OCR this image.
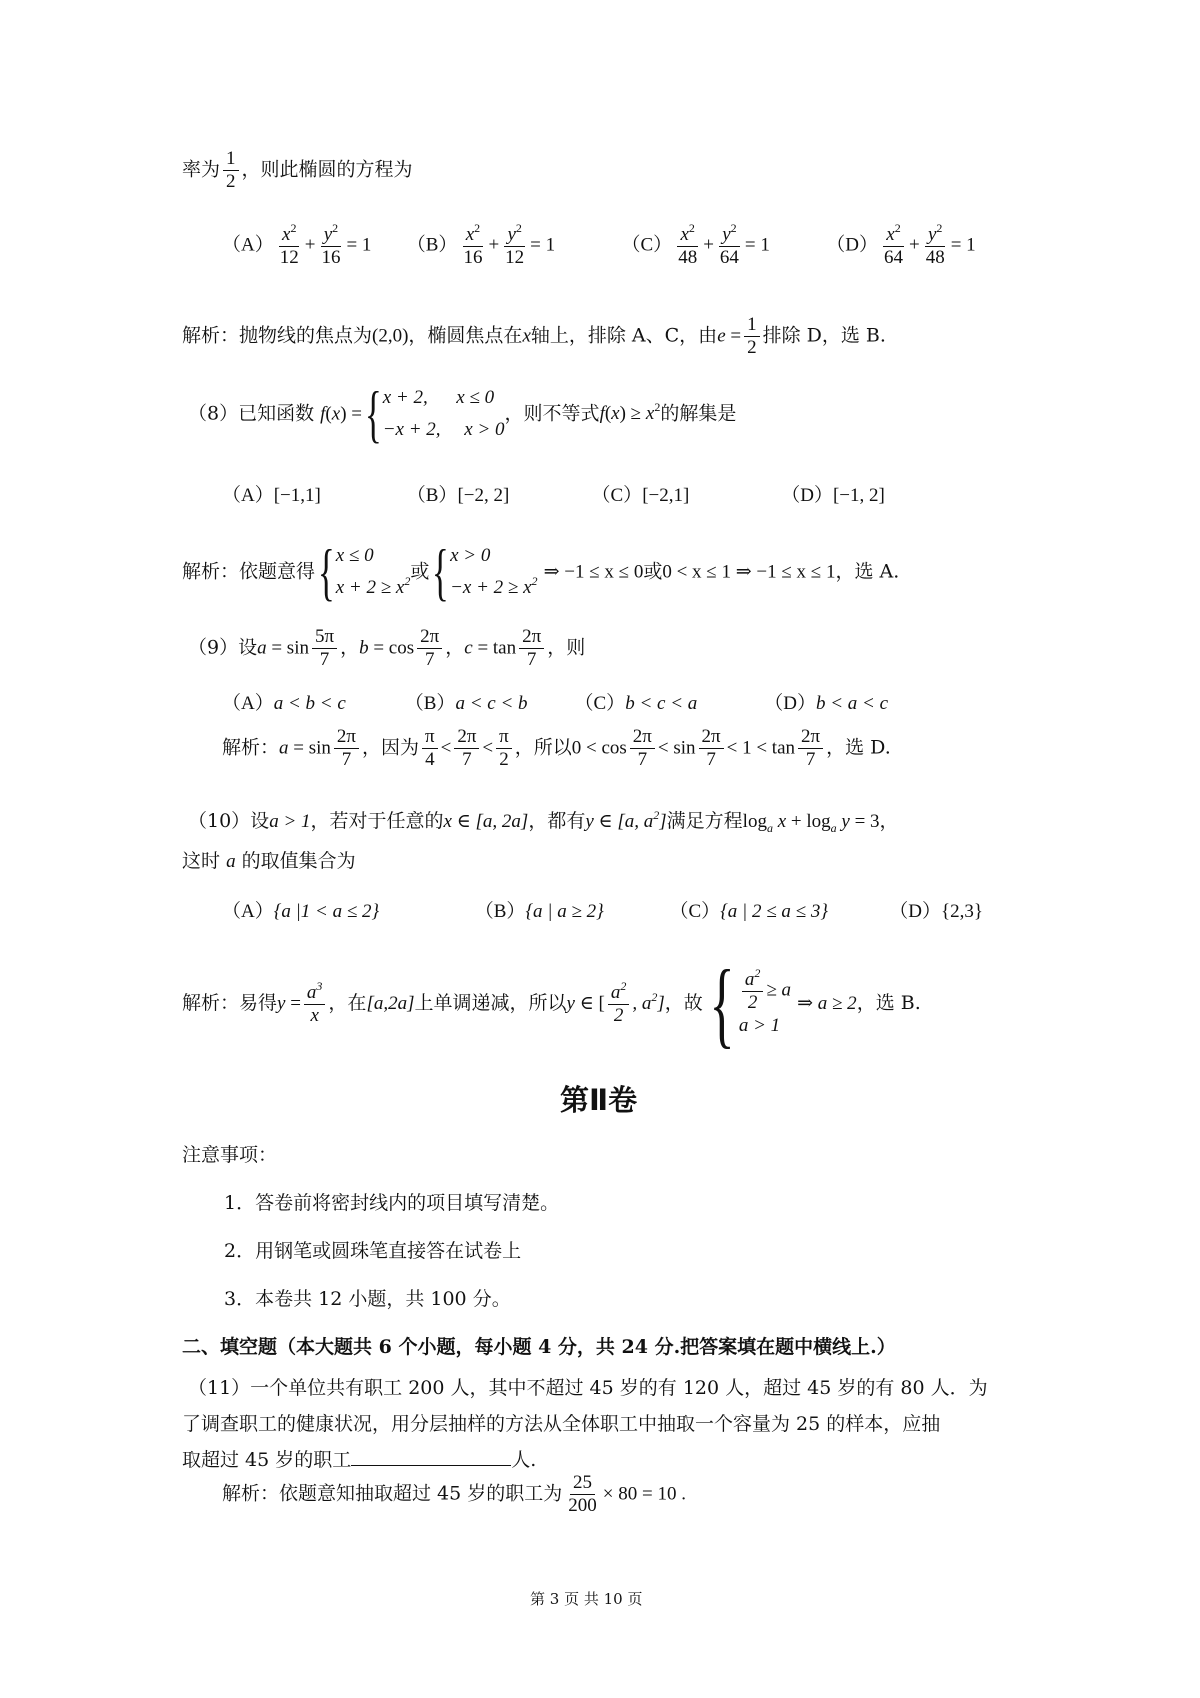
率为 $\frac{1}{2}$ ，则此椭圆的方程为
$(A) \frac{x^2}{12} + \frac{y^2}{16} = 1$ $(B) \frac{x^2}{16} + \frac{y^2}{12} = 1$	$(C) \frac{x^2}{48} + \frac{y^2}{64} = 1$	$(D) \frac{x^2}{64} + \frac{y^2}{48} = 1$
解析：抛物线的焦点为(2,0)，椭圆焦点在x轴上，排除 A、C，由$e = \frac{1}{2}$ 排除 D，选 B.
（8）已知函数 f(x) ={ x + 2, x ≤ 0
−x + 2, x > 0
，则不等式$f(x) \ge x^2$的解集是
（A）[−1,1]	（B）[−2, 2]	（C）[−2,1]	（D）[−1, 2]
解析：依题意得{ x ≤ 0
$x + 2 \ge x^2$ 或{ x > 0
$-x + 2 \ge x^2$ ⇒ −1 ≤ x ≤ 0或0 < x ≤ 1 ⇒ −1 ≤ x ≤ 1，选 A.
（9）设$a = \sin \frac{5\pi}{7}$ ，$b = \cos \frac{2\pi}{7}$ ，$c = \tan \frac{2\pi}{7}$ ，则
（A）a < b < c	（B）a < c < b （C）b < c < a	（D）b < a < c
解析：$a = \sin \frac{2\pi}{7}$ ，因为 $\frac{\pi}{4} < \frac{2\pi}{7} < \frac{\pi}{2}$ ，所以$0 < \cos \frac{2\pi}{7} < \sin \frac{2\pi}{7} < 1 < \tan \frac{2\pi}{7}$ ，选 D.
（10）设a > 1，若对于任意的x ∈ [a, 2a]，都有y ∈ [a, $a^2$]满足方程$\log_a x + \log_a y = 3$，
这时 a 的取值集合为
（A）{a |1 < a ≤ 2}	（B）{a | a ≥ 2}	（C）{a | 2 ≤ a ≤ 3}	（D）{2,3}
解析：易得$y = \frac{a^3}{x}$ ，在[a,2a]上单调递减，所以y ∈ [ $\frac{a^2}{2}$ , $a^2$]，故{ $\frac{a^2}{2} \ge a$
a > 1
⇒ a ≥ 2，选 B.
第Ⅱ卷
注意事项：
1．答卷前将密封线内的项目填写清楚。
2．用钢笔或圆珠笔直接答在试卷上
3．本卷共 12 小题，共 100 分。
二、填空题（本大题共 6 个小题，每小题 4 分，共 24 分.把答案填在题中横线上.）
（11）一个单位共有职工 200 人，其中不超过 45 岁的有 120 人，超过 45 岁的有 80 人．为
了调查职工的健康状况，用分层抽样的方法从全体职工中抽取一个容量为 25 的样本，应抽
取超过 45 岁的职工	人.
解析：依题意知抽取超过 45 岁的职工为 $\frac{25}{200} \times 80 = 10$ .
第 3 页 共 10 页
